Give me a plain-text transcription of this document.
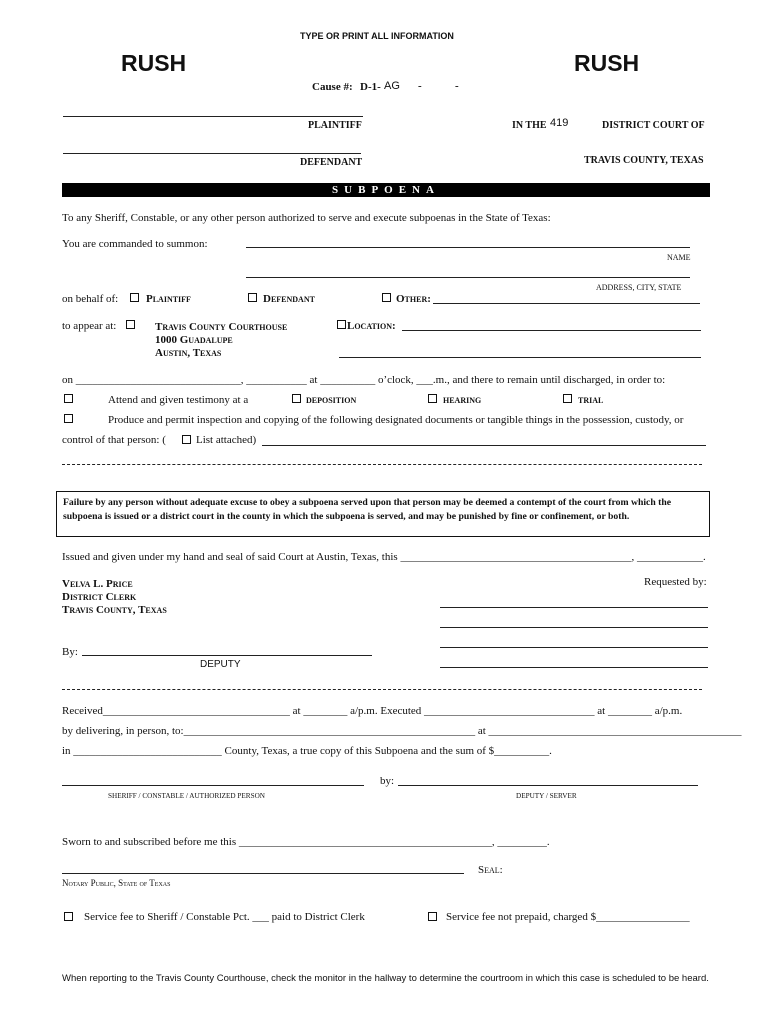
TYPE OR PRINT ALL INFORMATION
RUSH	RUSH
Cause #: D-1- AG -	-
PLAINTIFF	IN THE 419	DISTRICT COURT OF
DEFENDANT	TRAVIS COUNTY, TEXAS
SUBPOENA
To any Sheriff, Constable, or any other person authorized to serve and execute subpoenas in the State of Texas:
You are commanded to summon:
NAME
ADDRESS, CITY, STATE
on behalf of:	Plaintiff	Defendant	Other:
to appear at:	Travis County Courthouse
1000 Guadalupe
Austin, Texas
Location:
on ______________________________, ___________ at __________ o’clock, ___.m., and there to remain until discharged, in order to:
Attend and given testimony at a	deposition	hearing	trial
Produce and permit inspection and copying of the following designated documents or tangible things in the possession, custody, or
control of that person: (	List attached)
Failure by any person without adequate excuse to obey a subpoena served upon that person may be deemed a contempt of the court from which the subpoena is issued or a district court in the county in which the subpoena is served, and may be punished by fine or confinement, or both.
Issued and given under my hand and seal of said Court at Austin, Texas, this __________________________________________, ____________.
Velva L. Price
District Clerk
Travis County, Texas
Requested by:
By:
DEPUTY
Received__________________________________ at ________ a/p.m. Executed _______________________________ at ________ a/p.m.
by delivering, in person, to:_____________________________________________________ at ______________________________________________
in ___________________________ County, Texas, a true copy of this Subpoena and the sum of $__________.
by:
SHERIFF / CONSTABLE / AUTHORIZED PERSON	DEPUTY / SERVER
Sworn to and subscribed before me this ______________________________________________, _________.
Seal:
Notary Public, State of Texas
Service fee to Sheriff / Constable Pct. ___ paid to District Clerk	Service fee not prepaid, charged $_________________
When reporting to the Travis County Courthouse, check the monitor in the hallway to determine the courtroom in which this case is scheduled to be heard.
